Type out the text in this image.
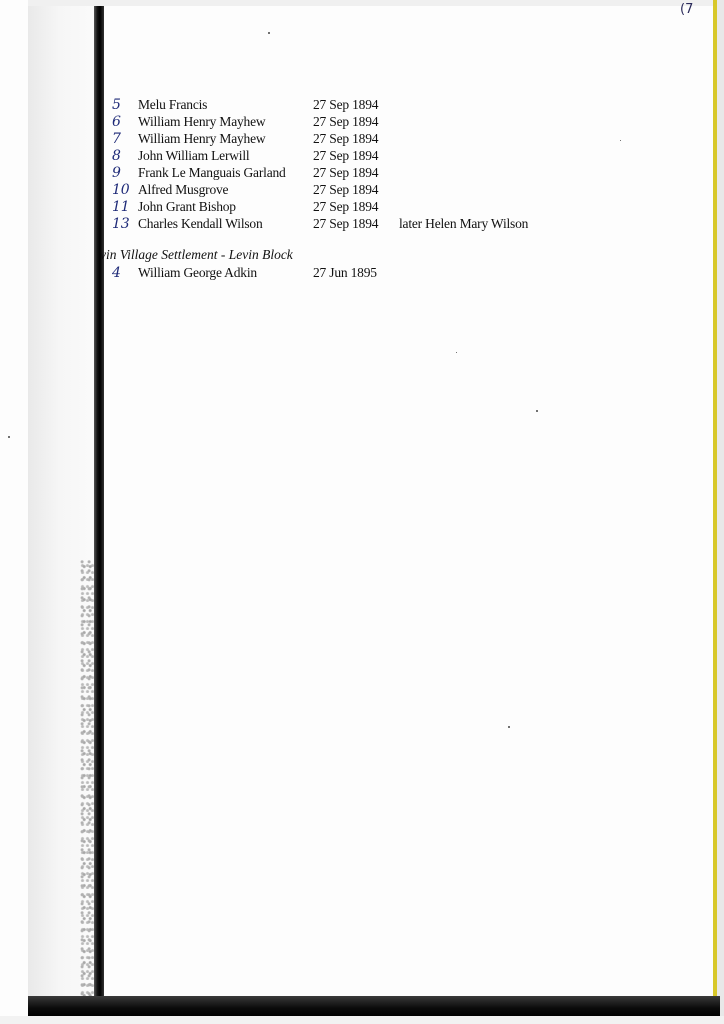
(7
5	Melu Francis	27 Sep 1894
6	William Henry Mayhew	27 Sep 1894
7	William Henry Mayhew	27 Sep 1894
8	John William Lerwill	27 Sep 1894
9	Frank Le Manguais Garland	27 Sep 1894
10 Alfred Musgrove	27 Sep 1894
11 John Grant Bishop	27 Sep 1894
13 Charles Kendall Wilson	27 Sep 1894	later Helen Mary Wilson
vin Village Settlement - Levin Block
4	William George Adkin	27 Jun 1895
